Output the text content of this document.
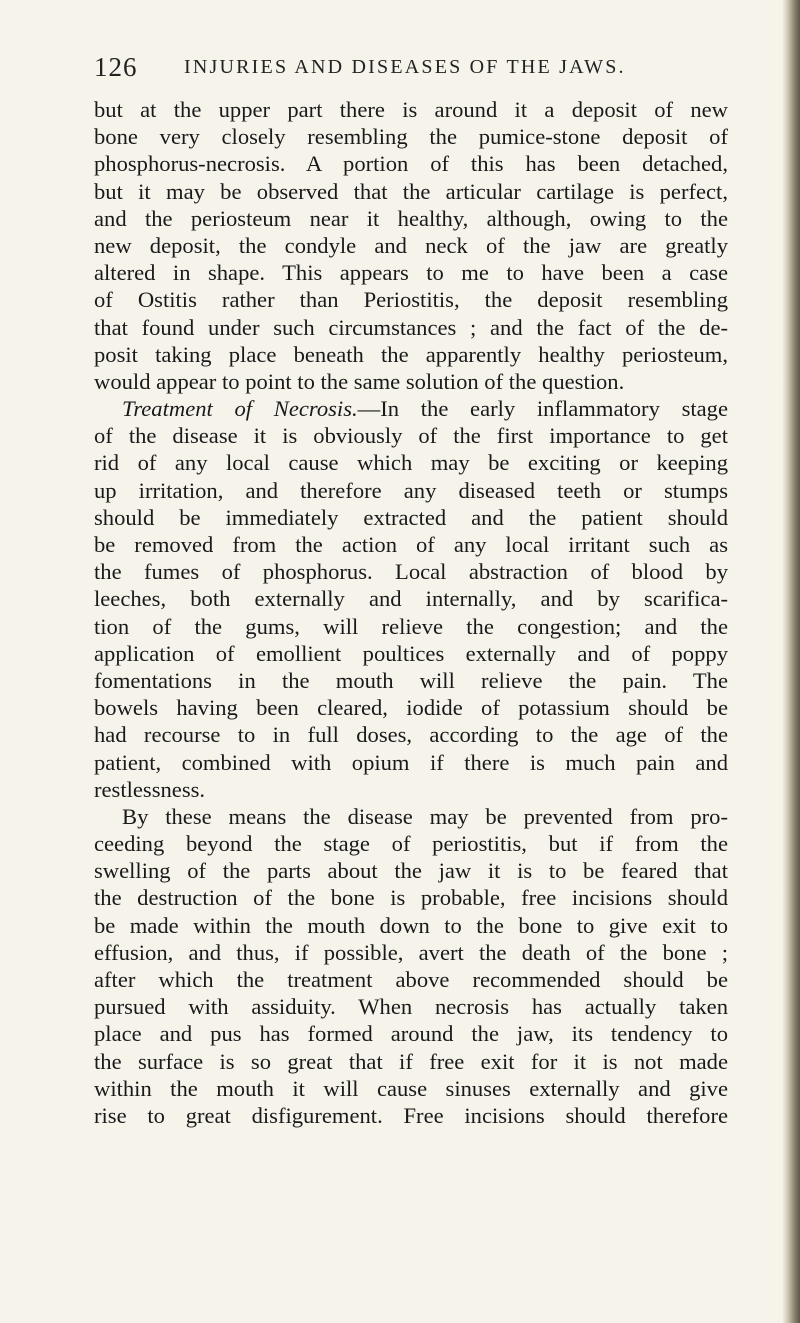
126 INJURIES AND DISEASES OF THE JAWS.
but at the upper part there is around it a deposit of new
bone very closely resembling the pumice-stone deposit of
phosphorus-necrosis. A portion of this has been detached,
but it may be observed that the articular cartilage is perfect,
and the periosteum near it healthy, although, owing to the
new deposit, the condyle and neck of the jaw are greatly
altered in shape. This appears to me to have been a case
of Ostitis rather than Periostitis, the deposit resembling
that found under such circumstances ; and the fact of the de-
posit taking place beneath the apparently healthy periosteum,
would appear to point to the same solution of the question.
Treatment of Necrosis.—In the early inflammatory stage
of the disease it is obviously of the first importance to get
rid of any local cause which may be exciting or keeping
up irritation, and therefore any diseased teeth or stumps
should be immediately extracted and the patient should
be removed from the action of any local irritant such as
the fumes of phosphorus. Local abstraction of blood by
leeches, both externally and internally, and by scarifica-
tion of the gums, will relieve the congestion; and the
application of emollient poultices externally and of poppy
fomentations in the mouth will relieve the pain. The
bowels having been cleared, iodide of potassium should be
had recourse to in full doses, according to the age of the
patient, combined with opium if there is much pain and
restlessness.
By these means the disease may be prevented from pro-
ceeding beyond the stage of periostitis, but if from the
swelling of the parts about the jaw it is to be feared that
the destruction of the bone is probable, free incisions should
be made within the mouth down to the bone to give exit to
effusion, and thus, if possible, avert the death of the bone ;
after which the treatment above recommended should be
pursued with assiduity. When necrosis has actually taken
place and pus has formed around the jaw, its tendency to
the surface is so great that if free exit for it is not made
within the mouth it will cause sinuses externally and give
rise to great disfigurement. Free incisions should therefore
